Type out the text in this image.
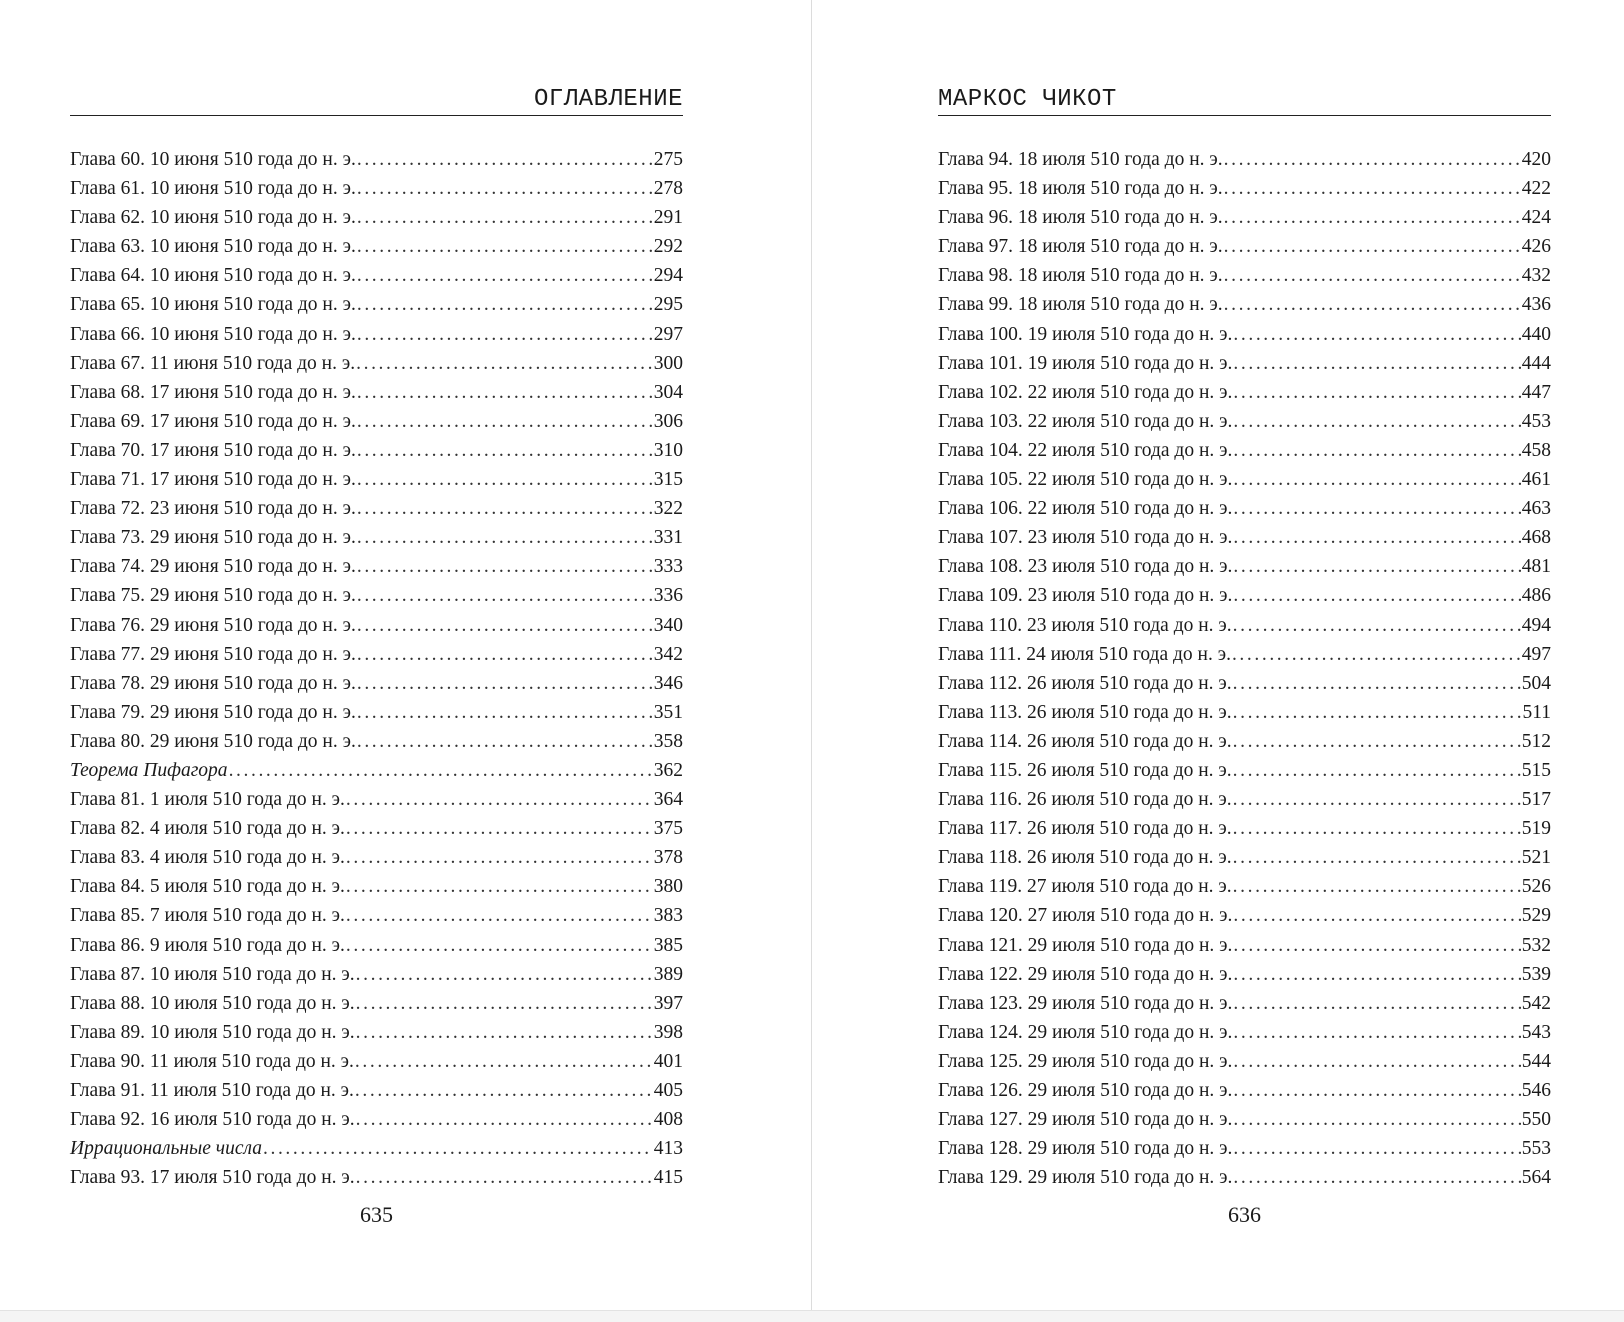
ОГЛАВЛЕНИЕ
Глава 60. 10 июня 510 года до н. э. .....	275
Глава 61. 10 июня 510 года до н. э. .....	278
Глава 62. 10 июня 510 года до н. э. .....	291
Глава 63. 10 июня 510 года до н. э. .....	292
Глава 64. 10 июня 510 года до н. э. .....	294
Глава 65. 10 июня 510 года до н. э. .....	295
Глава 66. 10 июня 510 года до н. э. .....	297
Глава 67. 11 июня 510 года до н. э. .....	300
Глава 68. 17 июня 510 года до н. э. .....	304
Глава 69. 17 июня 510 года до н. э. .....	306
Глава 70. 17 июня 510 года до н. э. .....	310
Глава 71. 17 июня 510 года до н. э. .....	315
Глава 72. 23 июня 510 года до н. э. .....	322
Глава 73. 29 июня 510 года до н. э. .....	331
Глава 74. 29 июня 510 года до н. э. .....	333
Глава 75. 29 июня 510 года до н. э. .....	336
Глава 76. 29 июня 510 года до н. э. .....	340
Глава 77. 29 июня 510 года до н. э. .....	342
Глава 78. 29 июня 510 года до н. э. .....	346
Глава 79. 29 июня 510 года до н. э. .....	351
Глава 80. 29 июня 510 года до н. э. .....	358
Теорема Пифагора .....	362
Глава 81. 1 июля 510 года до н. э. .....	364
Глава 82. 4 июля 510 года до н. э. .....	375
Глава 83. 4 июля 510 года до н. э. .....	378
Глава 84. 5 июля 510 года до н. э. .....	380
Глава 85. 7 июля 510 года до н. э. .....	383
Глава 86. 9 июля 510 года до н. э. .....	385
Глава 87. 10 июля 510 года до н. э. .....	389
Глава 88. 10 июля 510 года до н. э. .....	397
Глава 89. 10 июля 510 года до н. э. .....	398
Глава 90. 11 июля 510 года до н. э. .....	401
Глава 91. 11 июля 510 года до н. э. .....	405
Глава 92. 16 июля 510 года до н. э. .....	408
Иррациональные числа .....	413
Глава 93. 17 июля 510 года до н. э. .....	415
635
МАРКОС ЧИКОТ
Глава 94. 18 июля 510 года до н. э. .....	420
Глава 95. 18 июля 510 года до н. э. .....	422
Глава 96. 18 июля 510 года до н. э. .....	424
Глава 97. 18 июля 510 года до н. э. .....	426
Глава 98. 18 июля 510 года до н. э. .....	432
Глава 99. 18 июля 510 года до н. э. .....	436
Глава 100. 19 июля 510 года до н. э. .....	440
Глава 101. 19 июля 510 года до н. э. .....	444
Глава 102. 22 июля 510 года до н. э. .....	447
Глава 103. 22 июля 510 года до н. э. .....	453
Глава 104. 22 июля 510 года до н. э. .....	458
Глава 105. 22 июля 510 года до н. э. .....	461
Глава 106. 22 июля 510 года до н. э. .....	463
Глава 107. 23 июля 510 года до н. э. .....	468
Глава 108. 23 июля 510 года до н. э. .....	481
Глава 109. 23 июля 510 года до н. э. .....	486
Глава 110. 23 июля 510 года до н. э. .....	494
Глава 111. 24 июля 510 года до н. э. .....	497
Глава 112. 26 июля 510 года до н. э. .....	504
Глава 113. 26 июля 510 года до н. э. .....	511
Глава 114. 26 июля 510 года до н. э. .....	512
Глава 115. 26 июля 510 года до н. э. .....	515
Глава 116. 26 июля 510 года до н. э. .....	517
Глава 117. 26 июля 510 года до н. э. .....	519
Глава 118. 26 июля 510 года до н. э. .....	521
Глава 119. 27 июля 510 года до н. э. .....	526
Глава 120. 27 июля 510 года до н. э. .....	529
Глава 121. 29 июля 510 года до н. э. .....	532
Глава 122. 29 июля 510 года до н. э. .....	539
Глава 123. 29 июля 510 года до н. э. .....	542
Глава 124. 29 июля 510 года до н. э. .....	543
Глава 125. 29 июля 510 года до н. э. .....	544
Глава 126. 29 июля 510 года до н. э. .....	546
Глава 127. 29 июля 510 года до н. э. .....	550
Глава 128. 29 июля 510 года до н. э. .....	553
Глава 129. 29 июля 510 года до н. э. .....	564
636
